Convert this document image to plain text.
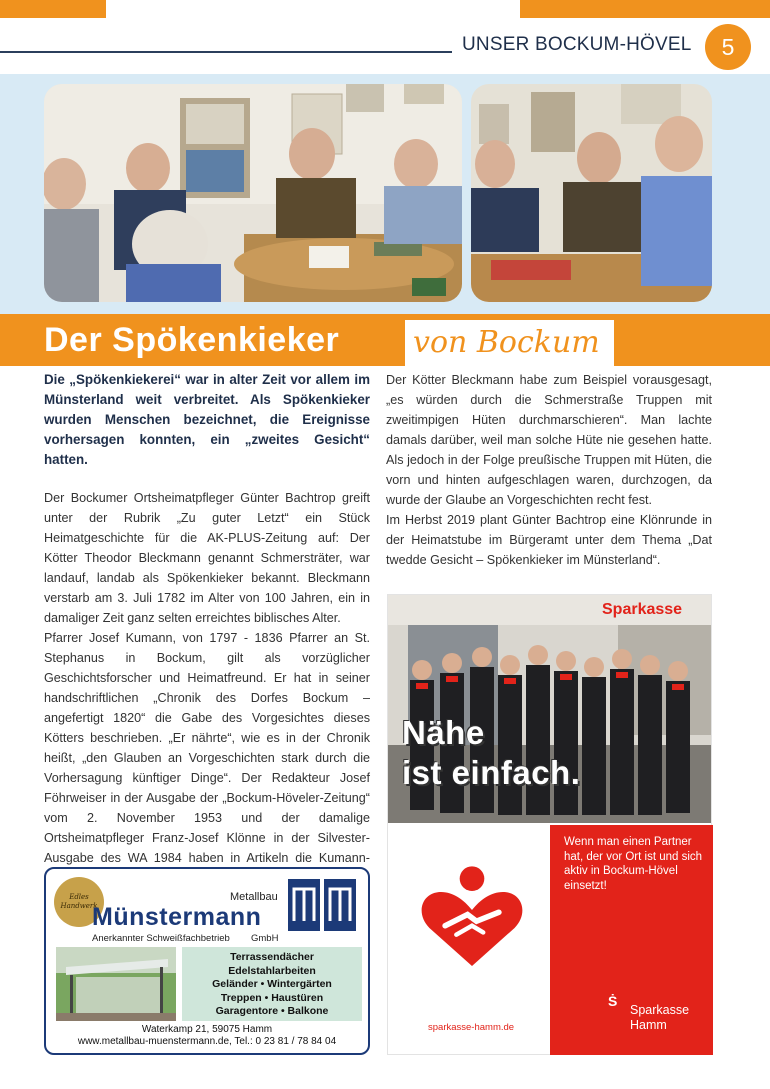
UNSER BOCKUM-HÖVEL	5
Der Spökenkieker von Bockum

Die „Spökenkiekerei“ war in alter Zeit vor allem im Münsterland weit verbreitet. Als Spökenkieker wurden Menschen bezeichnet, die Ereignisse vorhersagen konnten, ein „zweites Gesicht“ hatten.

Der Bockumer Ortsheimatpfleger Günter Bachtrop greift unter der Rubrik „Zu guter Letzt“ ein Stück Heimatgeschichte für die AK-PLUS-Zeitung auf: Der Kötter Theodor Bleckmann genannt Schmersträter, war landauf, landab als Spökenkieker bekannt. Bleckmann verstarb am 3. Juli 1782 im Alter von 100 Jahren, ein in damaliger Zeit ganz selten erreichtes biblisches Alter.

Pfarrer Josef Kumann, von 1797 - 1836 Pfarrer an St. Stephanus in Bockum, gilt als vorzüglicher Geschichtsforscher und Heimatfreund. Er hat in seiner handschriftlichen „Chronik des Dorfes Bockum – angefertigt 1820“ die Gabe des Vorgesichtes dieses Kötters beschrieben. „Er nährte“, wie es in der Chronik heißt, „den Glauben an Vorgeschichten stark durch die Vorhersagung künftiger Dinge“. Der Redakteur Josef Föhrweiser in der Ausgabe der „Bockum-Höveler-Zeitung“ vom 2. November 1953 und der damalige Ortsheimatpfleger Franz-Josef Klönne in der Silvester-Ausgabe des WA 1984 haben in Artikeln die Kumann-

Der Kötter Bleckmann habe zum Beispiel vorausgesagt, „es würden durch die Schmerstraße Truppen mit zweitimpigen Hüten durchmarschieren“. Man lachte damals darüber, weil man solche Hüte nie gesehen hatte. Als jedoch in der Folge preußische Truppen mit Hüten, die vorn und hinten aufgeschlagen waren, durchzogen, da wurde der Glaube an Vorgeschichten recht fest.

Im Herbst 2019 plant Günter Bachtrop eine Klönrunde in der Heimatstube im Bürgeramt unter dem Thema „Dat twedde Gesicht – Spökenkieker im Münsterland“.

Sparkasse
Nähe
ist einfach.
sparkasse-hamm.de
Wenn man einen Partner hat, der vor Ort ist und sich aktiv in Bockum-Hövel einsetzt!
Ṡ
Sparkasse
Hamm
Edles Handwerk
Metallbau
Münstermann
Anerkannter Schweißfachbetrieb GmbH
Terrassendächer
Edelstahlarbeiten
Geländer • Wintergärten
Treppen • Haustüren
Garagentore • Balkone
Waterkamp 21, 59075 Hamm
www.metallbau-muenstermann.de, Tel.: 0 23 81 / 78 84 04
